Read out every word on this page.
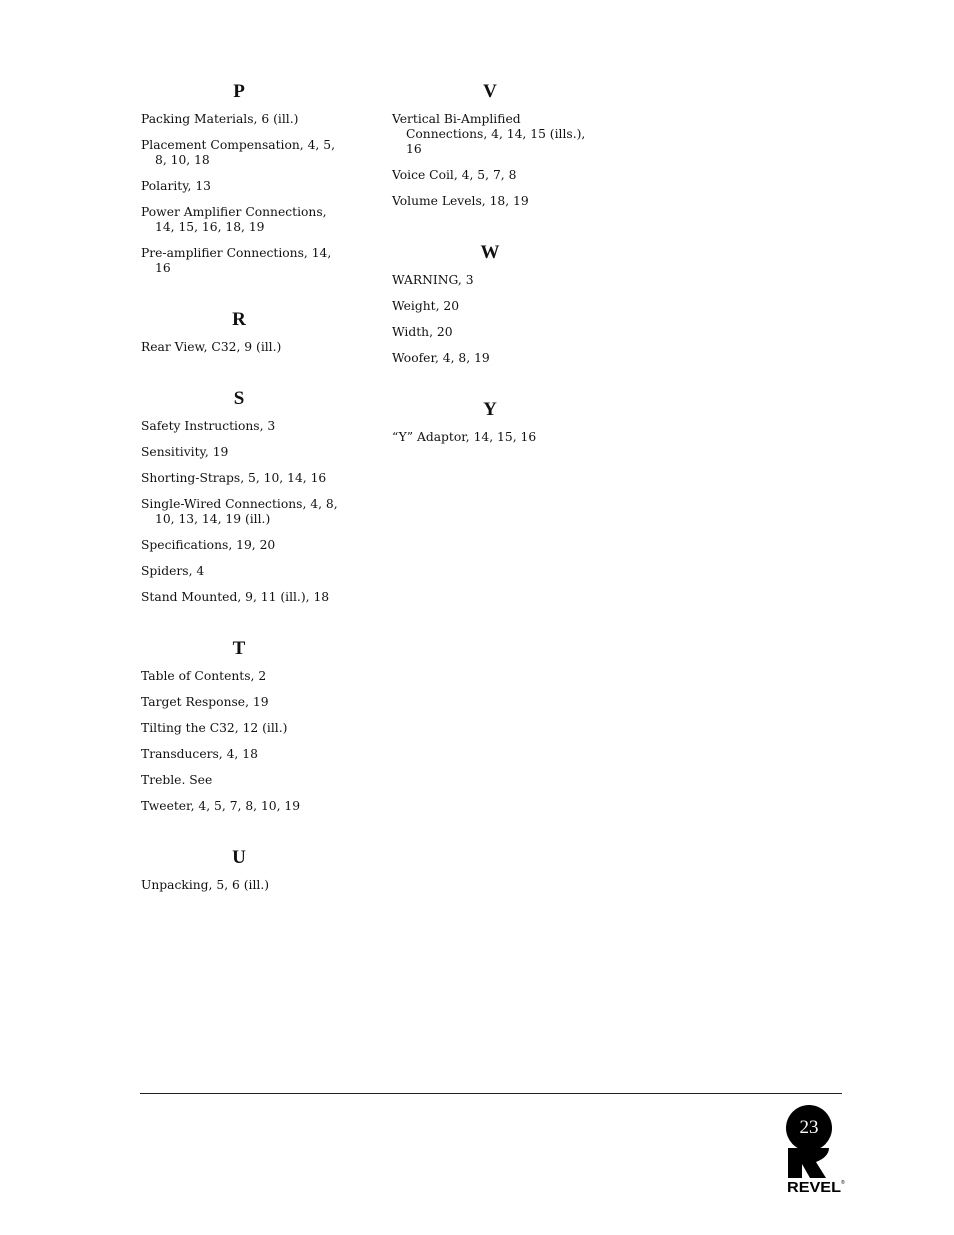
P
Packing Materials, 6 (ill.)
Placement Compensation, 4, 5, 8, 10, 18
Polarity, 13
Power Amplifier Connections, 14, 15, 16, 18, 19
Pre-amplifier Connections, 14, 16
R
Rear View, C32, 9 (ill.)
S
Safety Instructions, 3
Sensitivity, 19
Shorting-Straps, 5, 10, 14, 16
Single-Wired Connections, 4, 8, 10, 13, 14, 19 (ill.)
Specifications, 19, 20
Spiders, 4
Stand Mounted, 9, 11 (ill.), 18
T
Table of Contents, 2
Target Response, 19
Tilting the C32, 12 (ill.)
Transducers, 4, 18
Treble. See
Tweeter, 4, 5, 7, 8, 10, 19
U
Unpacking, 5, 6 (ill.)
V
Vertical Bi-Amplified Connections, 4, 14, 15 (ills.), 16
Voice Coil, 4, 5, 7, 8
Volume Levels, 18, 19
W
WARNING, 3
Weight, 20
Width, 20
Woofer, 4, 8, 19
Y
“Y” Adaptor, 14, 15, 16
REVEL ®
23
